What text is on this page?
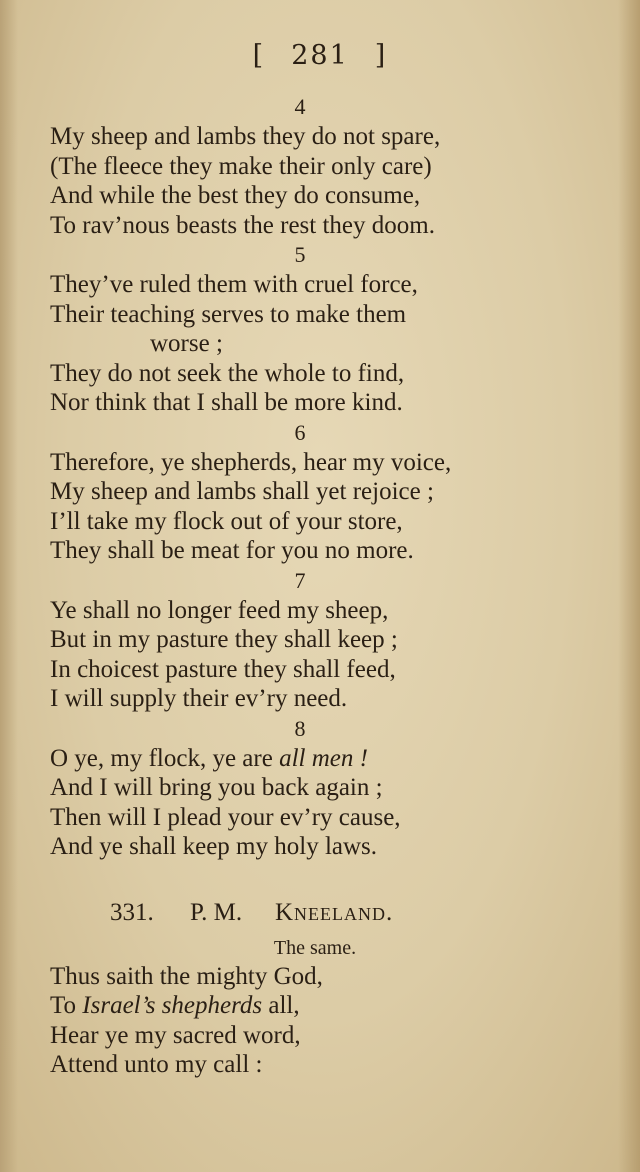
[ 281 ]
4
My sheep and lambs they do not spare,
(The fleece they make their only care)
And while the best they do consume,
To rav’nous beasts the rest they doom.
5
They’ve ruled them with cruel force,
Their teaching serves to make them
worse ;
They do not seek the whole to find,
Nor think that I shall be more kind.
6
Therefore, ye shepherds, hear my voice,
My sheep and lambs shall yet rejoice ;
I’ll take my flock out of your store,
They shall be meat for you no more.
7
Ye shall no longer feed my sheep,
But in my pasture they shall keep ;
In choicest pasture they shall feed,
I will supply their ev’ry need.
8
O ye, my flock, ye are all men !
And I will bring you back again ;
Then will I plead your ev’ry cause,
And ye shall keep my holy laws.
331.	P. M.	Kneeland.
The same.
Thus saith the mighty God,
To Israel’s shepherds all,
Hear ye my sacred word,
Attend unto my call :
